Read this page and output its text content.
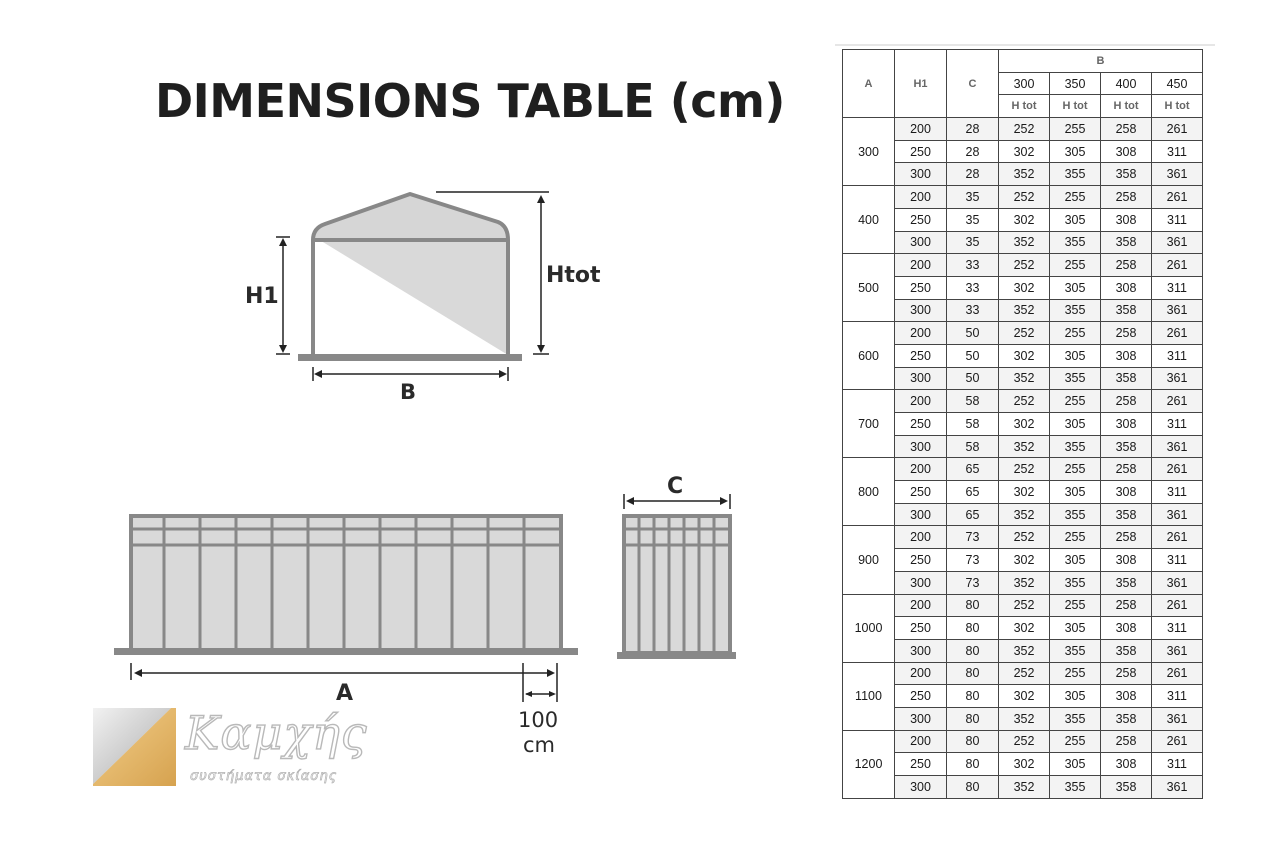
DIMENSIONS TABLE (cm)
H1
Htot
B
C
A
100
cm
Καμχής
συστήματα σκίασης
A	H1	C	B			
			300	350	400	450
			H tot	H tot	H tot	H tot
300	200	28	252	255	258	261
	250	28	302	305	308	311
	300	28	352	355	358	361
400	200	35	252	255	258	261
	250	35	302	305	308	311
	300	35	352	355	358	361
500	200	33	252	255	258	261
	250	33	302	305	308	311
	300	33	352	355	358	361
600	200	50	252	255	258	261
	250	50	302	305	308	311
	300	50	352	355	358	361
700	200	58	252	255	258	261
	250	58	302	305	308	311
	300	58	352	355	358	361
800	200	65	252	255	258	261
	250	65	302	305	308	311
	300	65	352	355	358	361
900	200	73	252	255	258	261
	250	73	302	305	308	311
	300	73	352	355	358	361
1000	200	80	252	255	258	261
	250	80	302	305	308	311
	300	80	352	355	358	361
1100	200	80	252	255	258	261
	250	80	302	305	308	311
	300	80	352	355	358	361
1200	200	80	252	255	258	261
	250	80	302	305	308	311
	300	80	352	355	358	361
